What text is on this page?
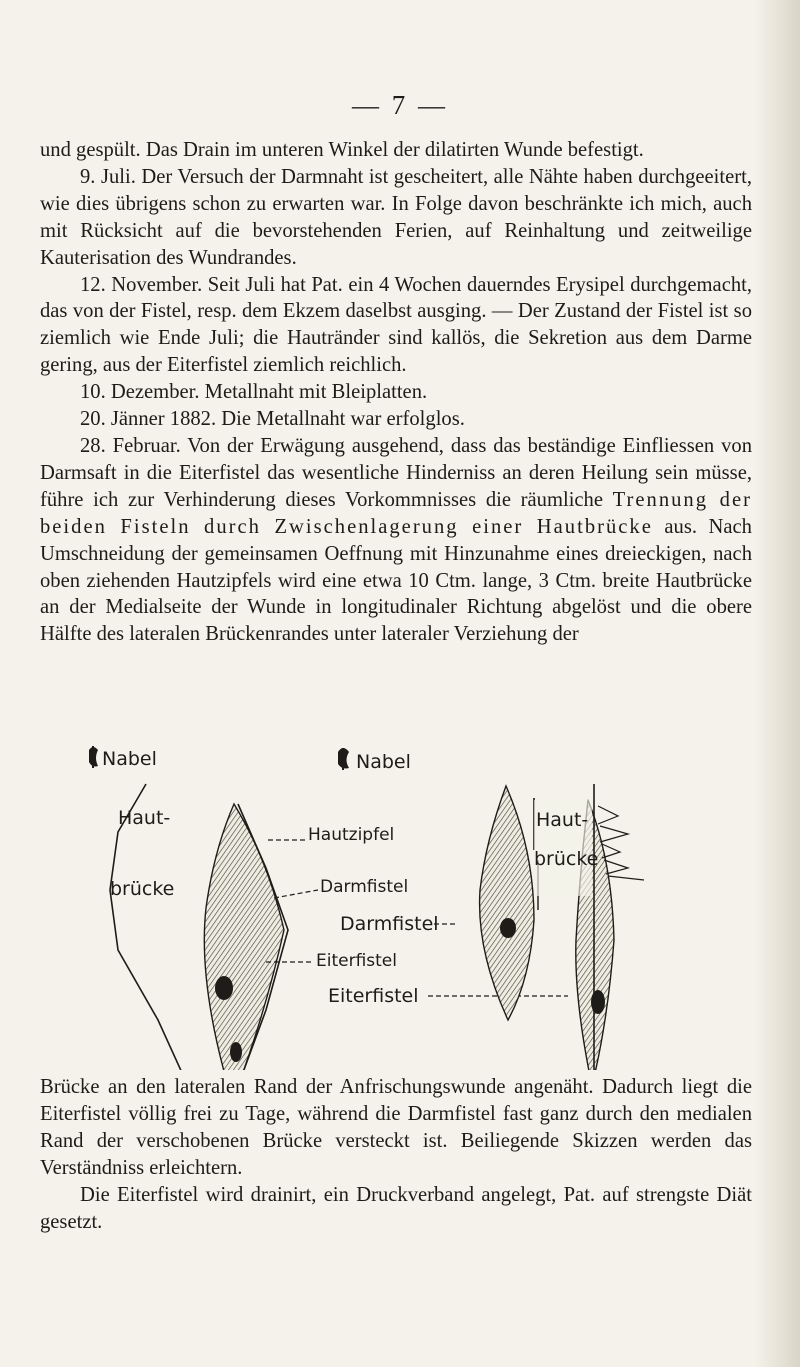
— 7 —

und gespült. Das Drain im unteren Winkel der dilatirten Wunde befestigt.

9. Juli. Der Versuch der Darmnaht ist gescheitert, alle Nähte haben durchgeeitert, wie dies übrigens schon zu erwarten war. In Folge davon beschränkte ich mich, auch mit Rücksicht auf die bevorstehenden Ferien, auf Reinhaltung und zeitweilige Kauterisation des Wundrandes.

12. November. Seit Juli hat Pat. ein 4 Wochen dauerndes Erysipel durchgemacht, das von der Fistel, resp. dem Ekzem daselbst ausging. — Der Zustand der Fistel ist so ziemlich wie Ende Juli; die Hautränder sind kallös, die Sekretion aus dem Darme gering, aus der Eiterfistel ziemlich reichlich.

10. Dezember. Metallnaht mit Bleiplatten.

20. Jänner 1882. Die Metallnaht war erfolglos.

28. Februar. Von der Erwägung ausgehend, dass das beständige Einfliessen von Darmsaft in die Eiterfistel das wesentliche Hinderniss an deren Heilung sein müsse, führe ich zur Verhinderung dieses Vorkommnisses die räumliche Trennung der beiden Fisteln durch Zwischenlagerung einer Hautbrücke aus. Nach Umschneidung der gemeinsamen Oeffnung mit Hinzunahme eines dreieckigen, nach oben ziehenden Hautzipfels wird eine etwa 10 Ctm. lange, 3 Ctm. breite Hautbrücke an der Medialseite der Wunde in longitudinaler Richtung abgelöst und die obere Hälfte des lateralen Brückenrandes unter lateraler Verziehung der

Nabel
Haut-
brücke
Nabel
Hautzipfel
Darmfistel
Darmfistel
Eiterfistel
Eiterfistel
Haut-
brücke

Brücke an den lateralen Rand der Anfrischungswunde angenäht. Dadurch liegt die Eiterfistel völlig frei zu Tage, während die Darmfistel fast ganz durch den medialen Rand der verschobenen Brücke versteckt ist. Beiliegende Skizzen werden das Verständniss erleichtern.

Die Eiterfistel wird drainirt, ein Druckverband angelegt, Pat. auf strengste Diät gesetzt.
